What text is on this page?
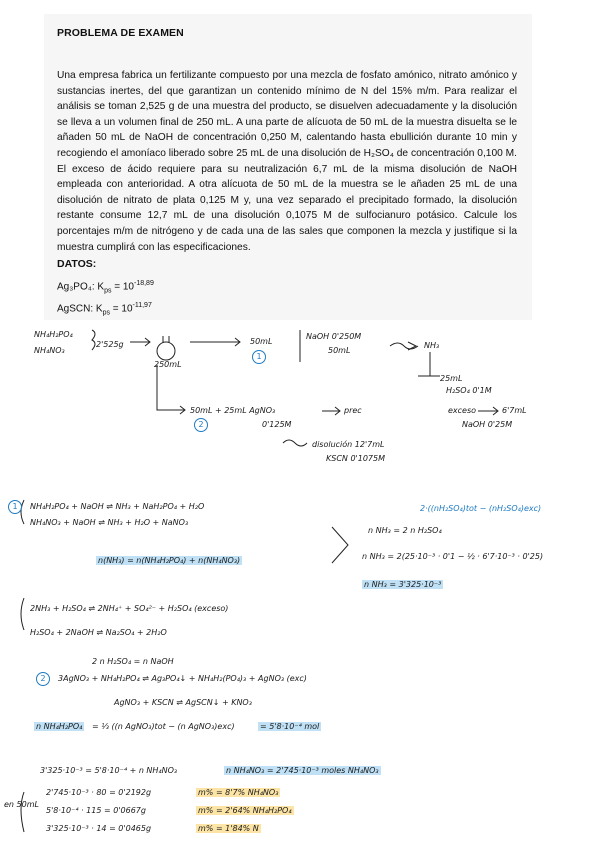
PROBLEMA DE EXAMEN
Una empresa fabrica un fertilizante compuesto por una mezcla de fosfato amónico, nitrato amónico y sustancias inertes, del que garantizan un contenido mínimo de N del 15% m/m. Para realizar el análisis se toman 2,525 g de una muestra del producto, se disuelven adecuadamente y la disolución se lleva a un volumen final de 250 mL. A una parte de alícuota de 50 mL de la muestra disuelta se le añaden 50 mL de NaOH de concentración 0,250 M, calentando hasta ebullición durante 10 min y recogiendo el amoníaco liberado sobre 25 mL de una disolución de H₂SO₄ de concentración 0,100 M. El exceso de ácido requiere para su neutralización 6,7 mL de la misma disolución de NaOH empleada con anterioridad. A otra alícuota de 50 mL de la muestra se le añaden 25 mL de una disolución de nitrato de plata 0,125 M y, una vez separado el precipitado formado, la disolución restante consume 12,7 mL de una disolución 0,1075 M de sulfocianuro potásico. Calcule los porcentajes m/m de nitrógeno y de cada una de las sales que componen la mezcla y justifique si la muestra cumplirá con las especificaciones.
DATOS:
Ag₃PO₄: $K_{ps} = 10^{-18,89}$
AgSCN: $K_{ps} = 10^{-11,97}$
NH₄H₂PO₄
NH₄NO₃
2'525g
250mL
50mL
1
NaOH 0'250M
50mL
NH₃
25mL
H₂SO₄ 0'1M
exceso	6'7mL
NaOH 0'25M
50mL + 25mL AgNO₃	prec
0'125M
2
disolución 12'7mL
KSCN 0'1075M
1	NH₄H₂PO₄ + NaOH ⇌ NH₃ + NaH₂PO₄ + H₂O
NH₄NO₃ + NaOH ⇌ NH₃ + H₂O + NaNO₃
2·((nH₂SO₄)tot − (nH₂SO₄)exc)
n NH₃ = 2 n H₂SO₄
n(NH₃) = n(NH₄H₂PO₄) + n(NH₄NO₃)	n NH₃ = 2(25·10⁻³ · 0'1 − ½ · 6'7·10⁻³ · 0'25)
n NH₃ = 3'325·10⁻³
2NH₃ + H₂SO₄ ⇌ 2NH₄⁺ + SO₄²⁻ + H₂SO₄ (exceso)
H₂SO₄ + 2NaOH ⇌ Na₂SO₄ + 2H₂O
2 n H₂SO₄ = n NaOH
2	3AgNO₃ + NH₄H₂PO₄ ⇌ Ag₃PO₄↓ + NH₄H₂(PO₄)₃ + AgNO₃ (exc)
AgNO₃ + KSCN ⇌ AgSCN↓ + KNO₃
n NH₄H₂PO₄ = ⅓ ((n AgNO₃)tot − (n AgNO₃)exc)	= 5'8·10⁻⁴ mol
3'325·10⁻³ = 5'8·10⁻⁴ + n NH₄NO₃	n NH₄NO₃ = 2'745·10⁻³ moles NH₄NO₃
en 50mL
2'745·10⁻³ · 80 = 0'2192g
5'8·10⁻⁴ · 115 = 0'0667g
3'325·10⁻³ · 14 = 0'0465g
m% = 8'7% NH₄NO₃
m% = 2'64% NH₄H₂PO₄
m% = 1'84% N
